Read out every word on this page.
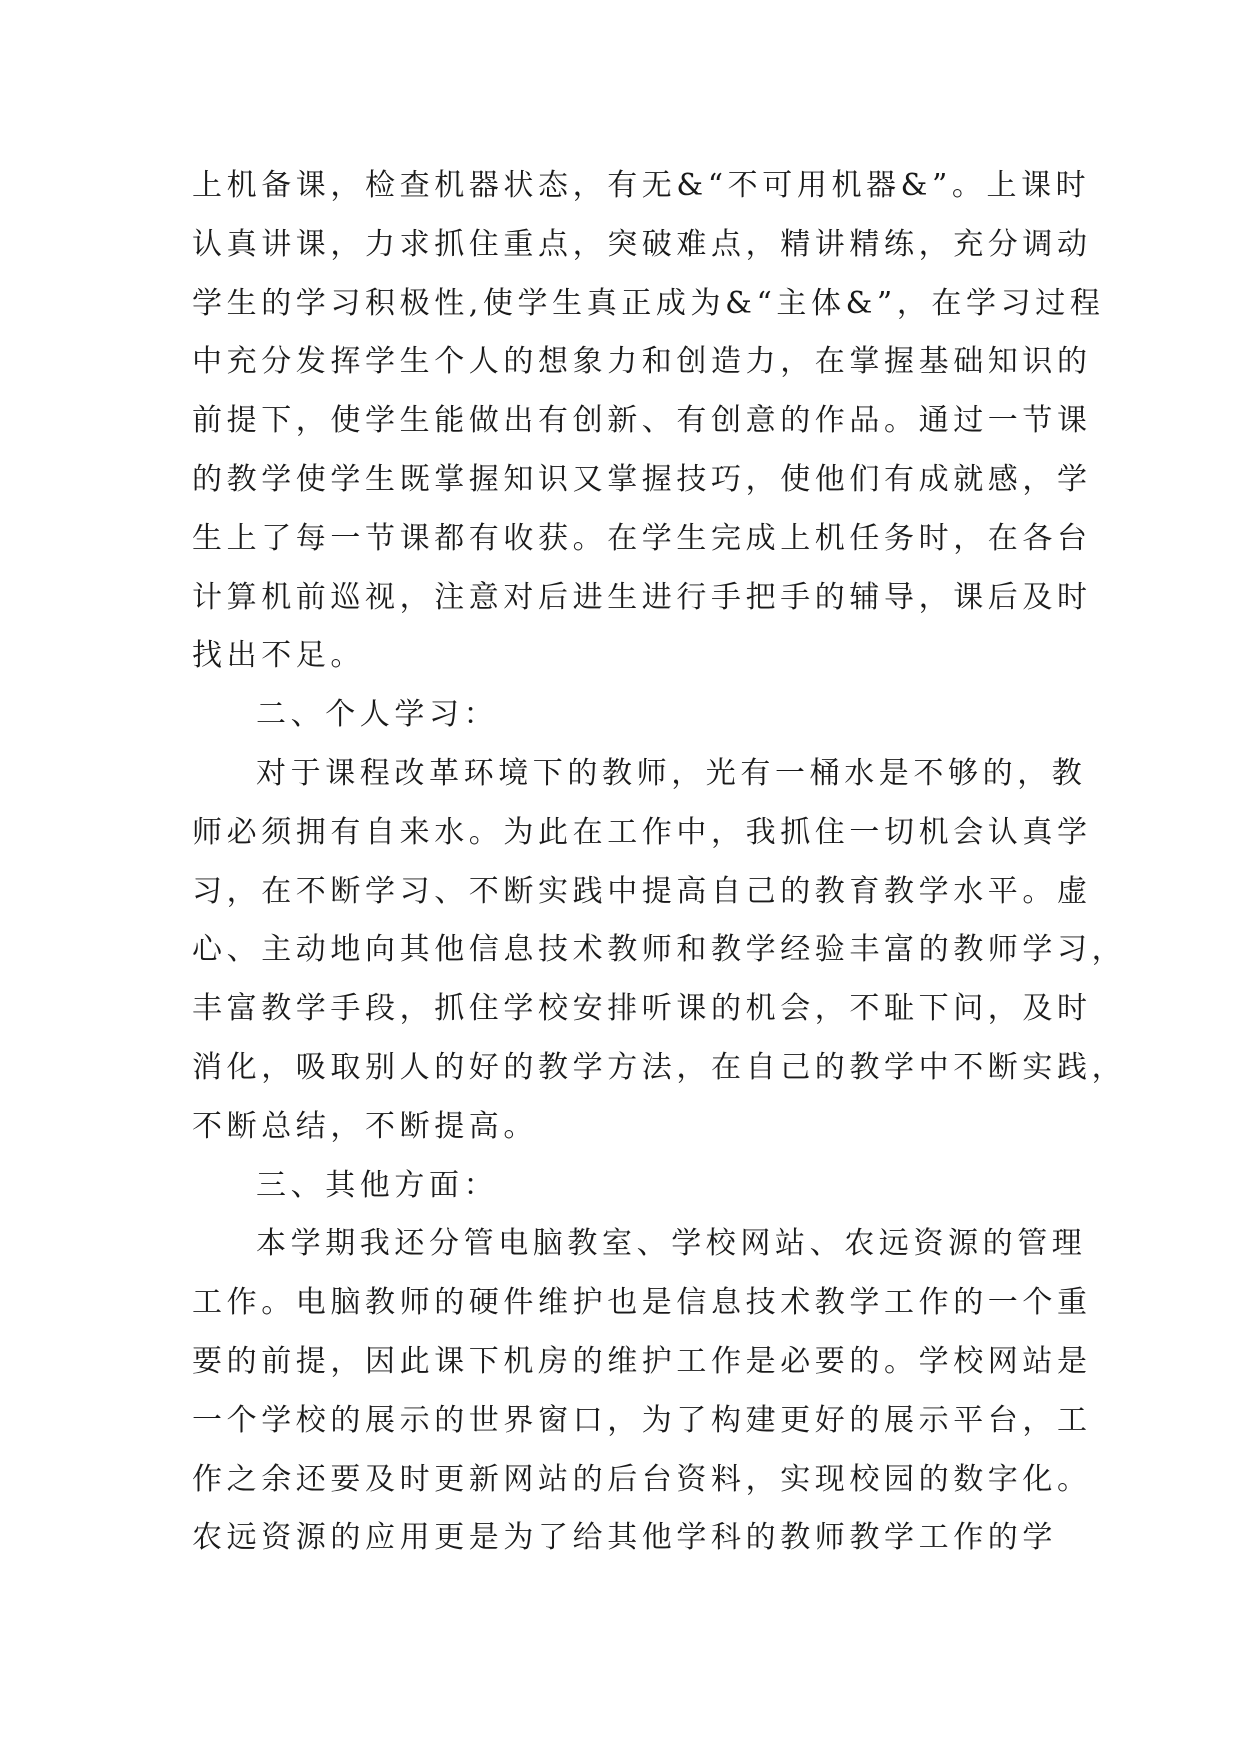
上机备课，检查机器状态，有无&“不可用机器&”。上课时
认真讲课，力求抓住重点，突破难点，精讲精练，充分调动
学生的学习积极性,使学生真正成为&“主体&”，在学习过程
中充分发挥学生个人的想象力和创造力，在掌握基础知识的
前提下，使学生能做出有创新、有创意的作品。通过一节课
的教学使学生既掌握知识又掌握技巧，使他们有成就感，学
生上了每一节课都有收获。在学生完成上机任务时，在各台
计算机前巡视，注意对后进生进行手把手的辅导，课后及时
找出不足。
二、个人学习：
对于课程改革环境下的教师，光有一桶水是不够的，教
师必须拥有自来水。为此在工作中，我抓住一切机会认真学
习，在不断学习、不断实践中提高自己的教育教学水平。虚
心、主动地向其他信息技术教师和教学经验丰富的教师学习，
丰富教学手段，抓住学校安排听课的机会，不耻下问，及时
消化，吸取别人的好的教学方法，在自己的教学中不断实践，
不断总结，不断提高。
三、其他方面：
本学期我还分管电脑教室、学校网站、农远资源的管理
工作。电脑教师的硬件维护也是信息技术教学工作的一个重
要的前提，因此课下机房的维护工作是必要的。学校网站是
一个学校的展示的世界窗口，为了构建更好的展示平台，工
作之余还要及时更新网站的后台资料，实现校园的数字化。
农远资源的应用更是为了给其他学科的教师教学工作的学
